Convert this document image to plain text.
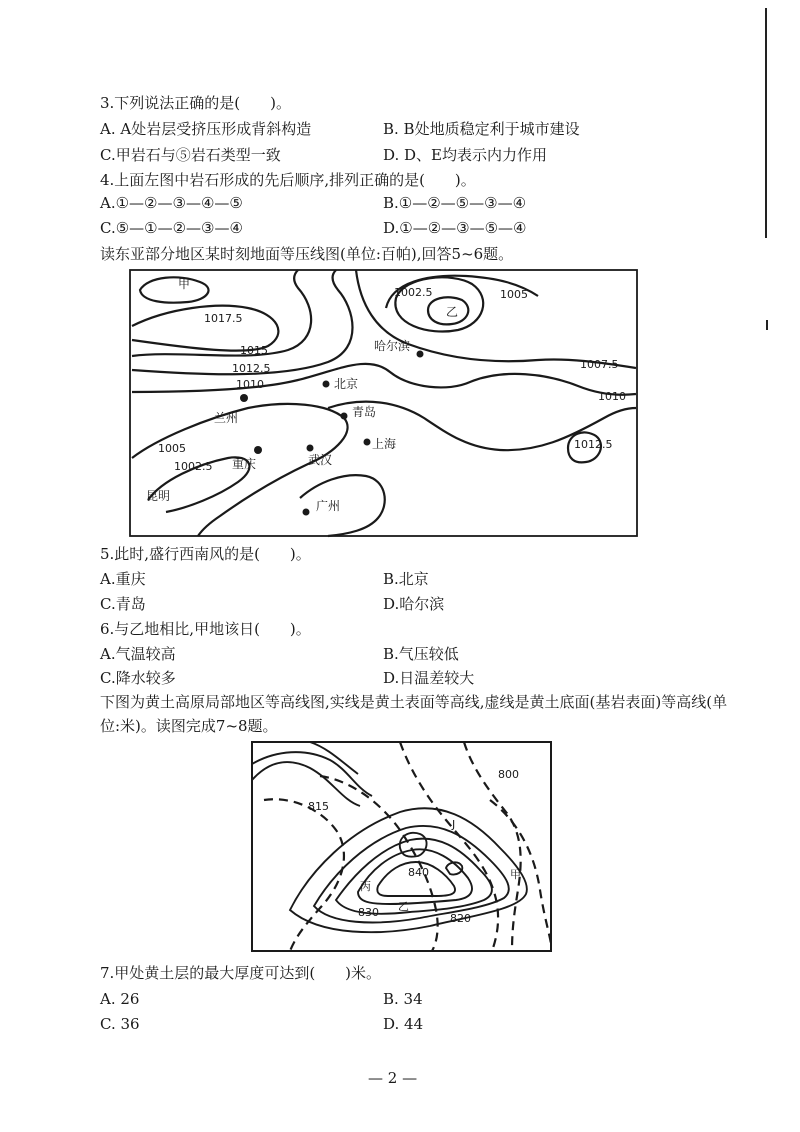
3.下列说法正确的是(　　)。
A. A处岩层受挤压形成背斜构造	B. B处地质稳定利于城市建设
C.甲岩石与⑤岩石类型一致	D. D、E均表示内力作用
4.上面左图中岩石形成的先后顺序,排列正确的是(　　)。
A.①—②—③—④—⑤	B.①—②—⑤—③—④
C.⑤—①—②—③—④	D.①—②—③—⑤—④
读东亚部分地区某时刻地面等压线图(单位:百帕),回答5~6题。
1017.5
1015
1012.5
1010
1005
1002.5
1002.5	1005
1007.5
1010
1012.5
甲
乙
哈尔滨
北京
青岛
兰州
上海
重庆	武汉
昆明
广州
5.此时,盛行西南风的是(　　)。
A.重庆	B.北京
C.青岛	D.哈尔滨
6.与乙地相比,甲地该日(　　)。
A.气温较高	B.气压较低
C.降水较多	D.日温差较大
下图为黄土高原局部地区等高线图,实线是黄土表面等高线,虚线是黄土底面(基岩表面)等高线(单位:米)。读图完成7~8题。
815
800
840
830	820
J
丙
乙
甲
7.甲处黄土层的最大厚度可达到(　　)米。
A. 26	B. 34
C. 36	D. 44
— 2 —
